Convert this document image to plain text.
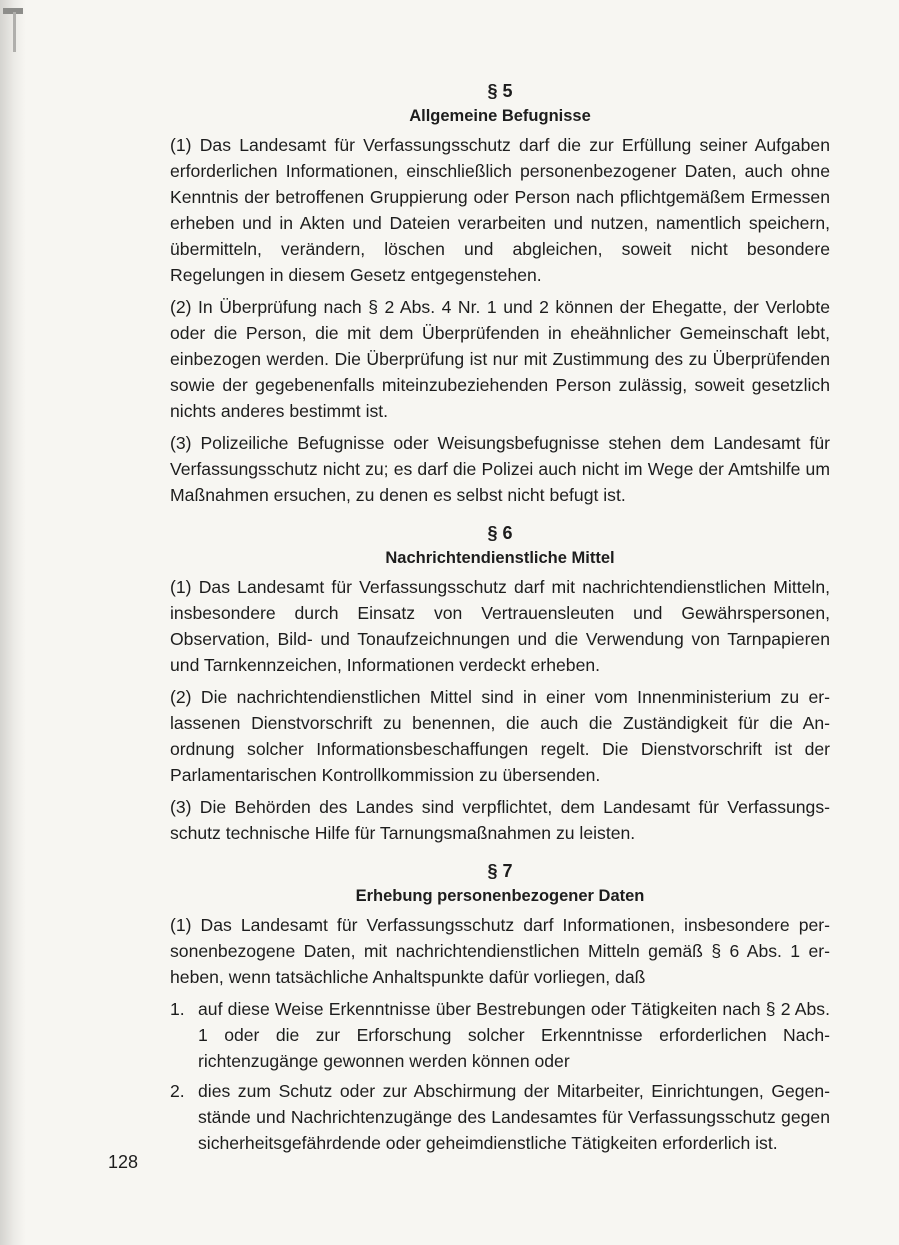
§ 5
Allgemeine Befugnisse

(1) Das Landesamt für Verfassungsschutz darf die zur Erfüllung seiner Aufgaben erforderlichen Informationen, einschließlich personenbezogener Daten, auch ohne Kenntnis der betroffenen Gruppierung oder Person nach pflichtgemäßem Ermessen erheben und in Akten und Dateien verarbeiten und nutzen, namentlich speichern, übermitteln, verändern, löschen und abgleichen, soweit nicht besondere Regelungen in diesem Gesetz entgegenstehen.

(2) In Überprüfung nach § 2 Abs. 4 Nr. 1 und 2 können der Ehegatte, der Verlobte oder die Person, die mit dem Überprüfenden in eheähnlicher Gemeinschaft lebt, einbezogen werden. Die Überprüfung ist nur mit Zustimmung des zu Überprüfenden sowie der gegebenenfalls miteinzubeziehenden Person zulässig, soweit gesetzlich nichts anderes bestimmt ist.

(3) Polizeiliche Befugnisse oder Weisungsbefugnisse stehen dem Landesamt für Verfassungsschutz nicht zu; es darf die Polizei auch nicht im Wege der Amtshilfe um Maßnahmen ersuchen, zu denen es selbst nicht befugt ist.

§ 6
Nachrichtendienstliche Mittel

(1) Das Landesamt für Verfassungsschutz darf mit nachrichtendienstlichen Mitteln, insbesondere durch Einsatz von Vertrauensleuten und Gewährspersonen, Observation, Bild- und Tonaufzeichnungen und die Verwendung von Tarnpapieren und Tarnkennzeichen, Informationen verdeckt erheben.

(2) Die nachrichtendienstlichen Mittel sind in einer vom Innenministerium zu erlassenen Dienstvorschrift zu benennen, die auch die Zuständigkeit für die Anordnung solcher Informationsbeschaffungen regelt. Die Dienstvorschrift ist der Parlamentarischen Kontrollkommission zu übersenden.

(3) Die Behörden des Landes sind verpflichtet, dem Landesamt für Verfassungsschutz technische Hilfe für Tarnungsmaßnahmen zu leisten.

§ 7
Erhebung personenbezogener Daten

(1) Das Landesamt für Verfassungsschutz darf Informationen, insbesondere personenbezogene Daten, mit nachrichtendienstlichen Mitteln gemäß § 6 Abs. 1 erheben, wenn tatsächliche Anhaltspunkte dafür vorliegen, daß

1. auf diese Weise Erkenntnisse über Bestrebungen oder Tätigkeiten nach § 2 Abs. 1 oder die zur Erforschung solcher Erkenntnisse erforderlichen Nachrichtenzugänge gewonnen werden können oder
2. dies zum Schutz oder zur Abschirmung der Mitarbeiter, Einrichtungen, Gegenstände und Nachrichtenzugänge des Landesamtes für Verfassungsschutz gegen sicherheitsgefährdende oder geheimdienstliche Tätigkeiten erforderlich ist.
128
